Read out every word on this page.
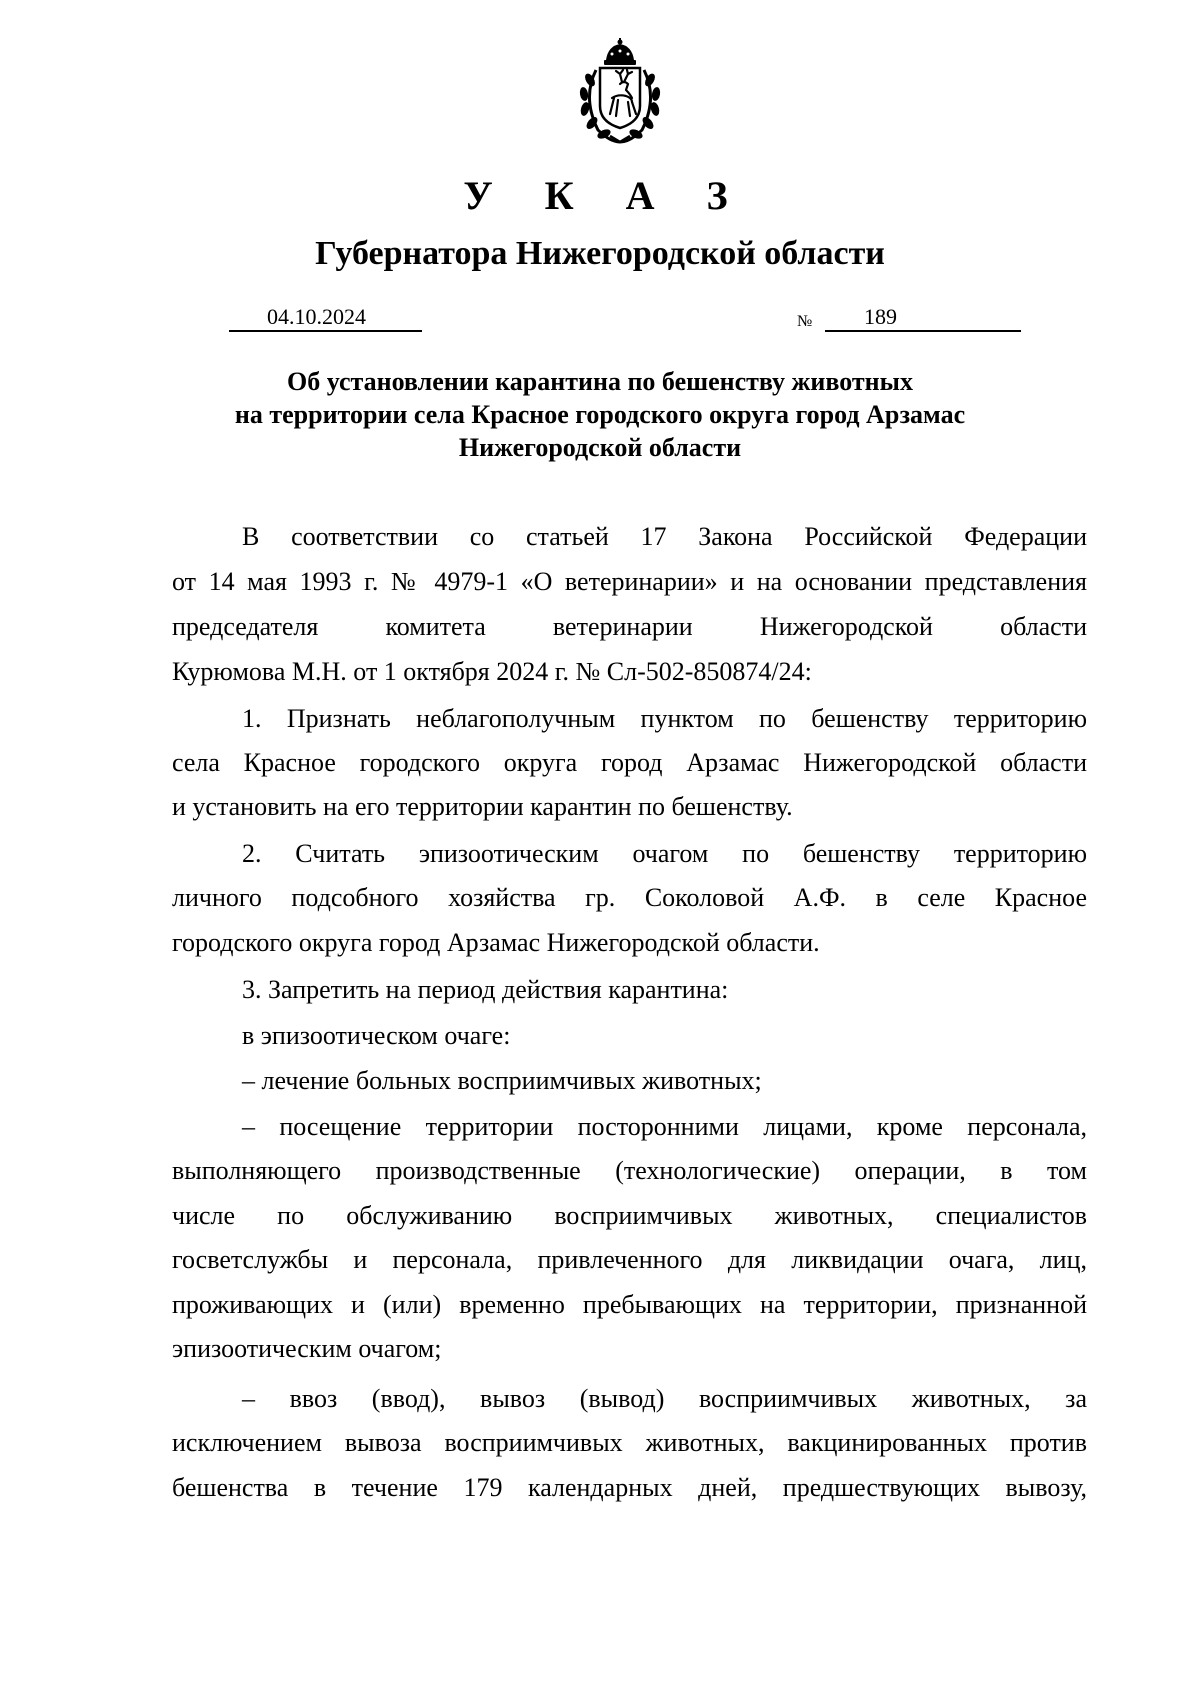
У К А З
Губернатора Нижегородской области
04.10.2024	№ 189
Об установлении карантина по бешенству животных
на территории села Красное городского округа город Арзамас
Нижегородской области
В соответствии со статьей 17 Закона Российской Федерации
от 14 мая 1993 г. № 4979-1 «О ветеринарии» и на основании представления
председателя комитета ветеринарии Нижегородской области
Курюмова М.Н. от 1 октября 2024 г. № Сл-502-850874/24:
1. Признать неблагополучным пунктом по бешенству территорию
села Красное городского округа город Арзамас Нижегородской области
и установить на его территории карантин по бешенству.
2. Считать эпизоотическим очагом по бешенству территорию
личного подсобного хозяйства гр. Соколовой А.Ф. в селе Красное
городского округа город Арзамас Нижегородской области.
3. Запретить на период действия карантина:
в эпизоотическом очаге:
– лечение больных восприимчивых животных;
– посещение территории посторонними лицами, кроме персонала,
выполняющего производственные (технологические) операции, в том
числе по обслуживанию восприимчивых животных, специалистов
госветслужбы и персонала, привлеченного для ликвидации очага, лиц,
проживающих и (или) временно пребывающих на территории, признанной
эпизоотическим очагом;
– ввоз (ввод), вывоз (вывод) восприимчивых животных, за
исключением вывоза восприимчивых животных, вакцинированных против
бешенства в течение 179 календарных дней, предшествующих вывозу,
